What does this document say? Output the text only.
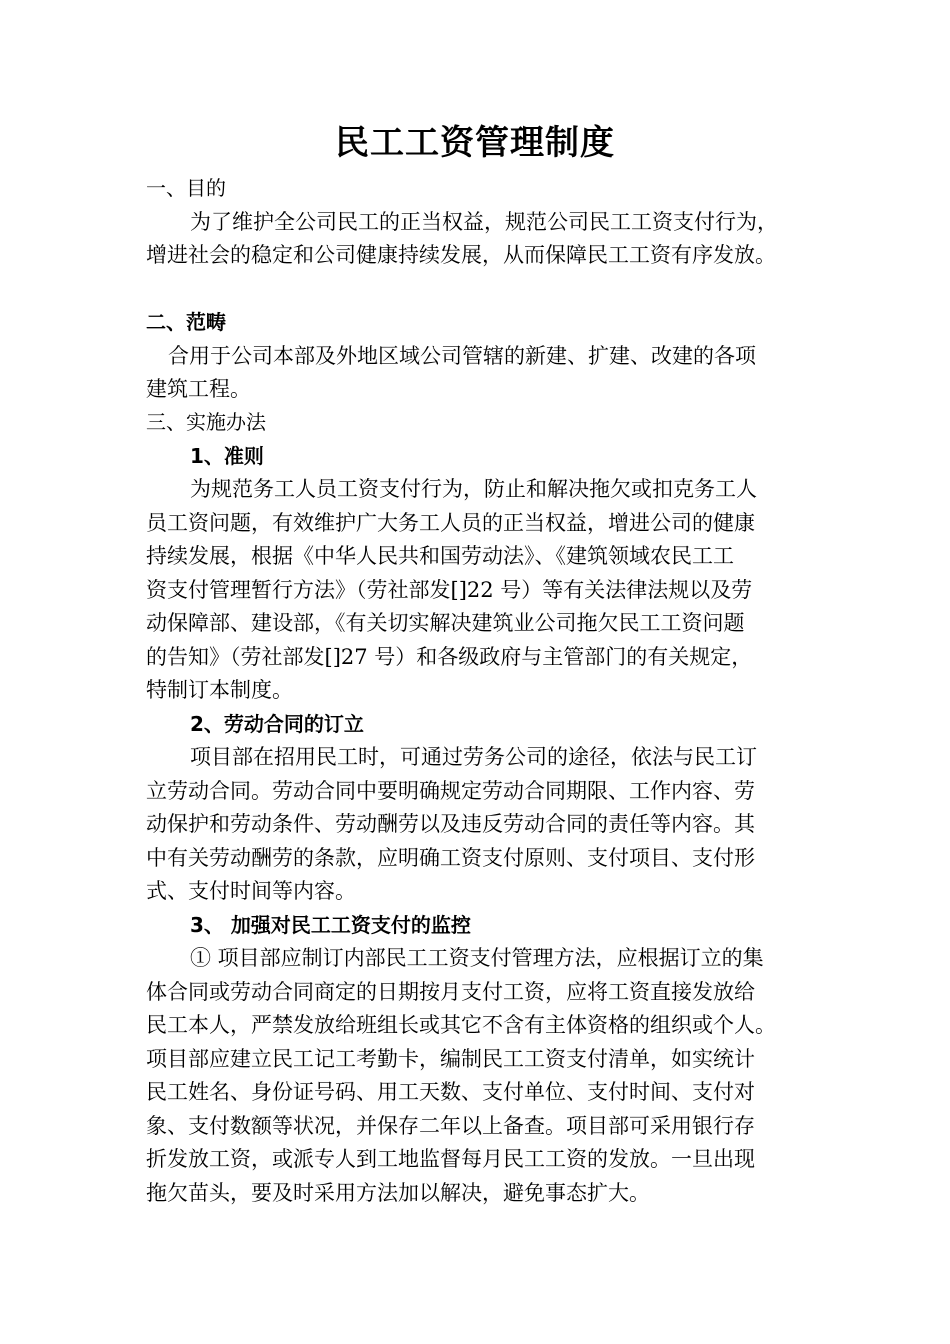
民工工资管理制度
一、目的
为了维护全公司民工的正当权益，规范公司民工工资支付行为，
增进社会的稳定和公司健康持续发展，从而保障民工工资有序发放。
二、范畴
合用于公司本部及外地区域公司管辖的新建、扩建、改建的各项
建筑工程。
三、实施办法
1、准则
为规范务工人员工资支付行为，防止和解决拖欠或扣克务工人
员工资问题，有效维护广大务工人员的正当权益，增进公司的健康
持续发展，根据《中华人民共和国劳动法》、《建筑领域农民工工
资支付管理暂行方法》（劳社部发[]22 号）等有关法律法规以及劳
动保障部、建设部，《有关切实解决建筑业公司拖欠民工工资问题
的告知》（劳社部发[]27 号）和各级政府与主管部门的有关规定，
特制订本制度。
2、劳动合同的订立
项目部在招用民工时，可通过劳务公司的途径，依法与民工订
立劳动合同。劳动合同中要明确规定劳动合同期限、工作内容、劳
动保护和劳动条件、劳动酬劳以及违反劳动合同的责任等内容。其
中有关劳动酬劳的条款，应明确工资支付原则、支付项目、支付形
式、支付时间等内容。
3、 加强对民工工资支付的监控
① 项目部应制订内部民工工资支付管理方法，应根据订立的集
体合同或劳动合同商定的日期按月支付工资，应将工资直接发放给
民工本人，严禁发放给班组长或其它不含有主体资格的组织或个人。
项目部应建立民工记工考勤卡，编制民工工资支付清单，如实统计
民工姓名、身份证号码、用工天数、支付单位、支付时间、支付对
象、支付数额等状况，并保存二年以上备查。项目部可采用银行存
折发放工资，或派专人到工地监督每月民工工资的发放。一旦出现
拖欠苗头，要及时采用方法加以解决，避免事态扩大。
